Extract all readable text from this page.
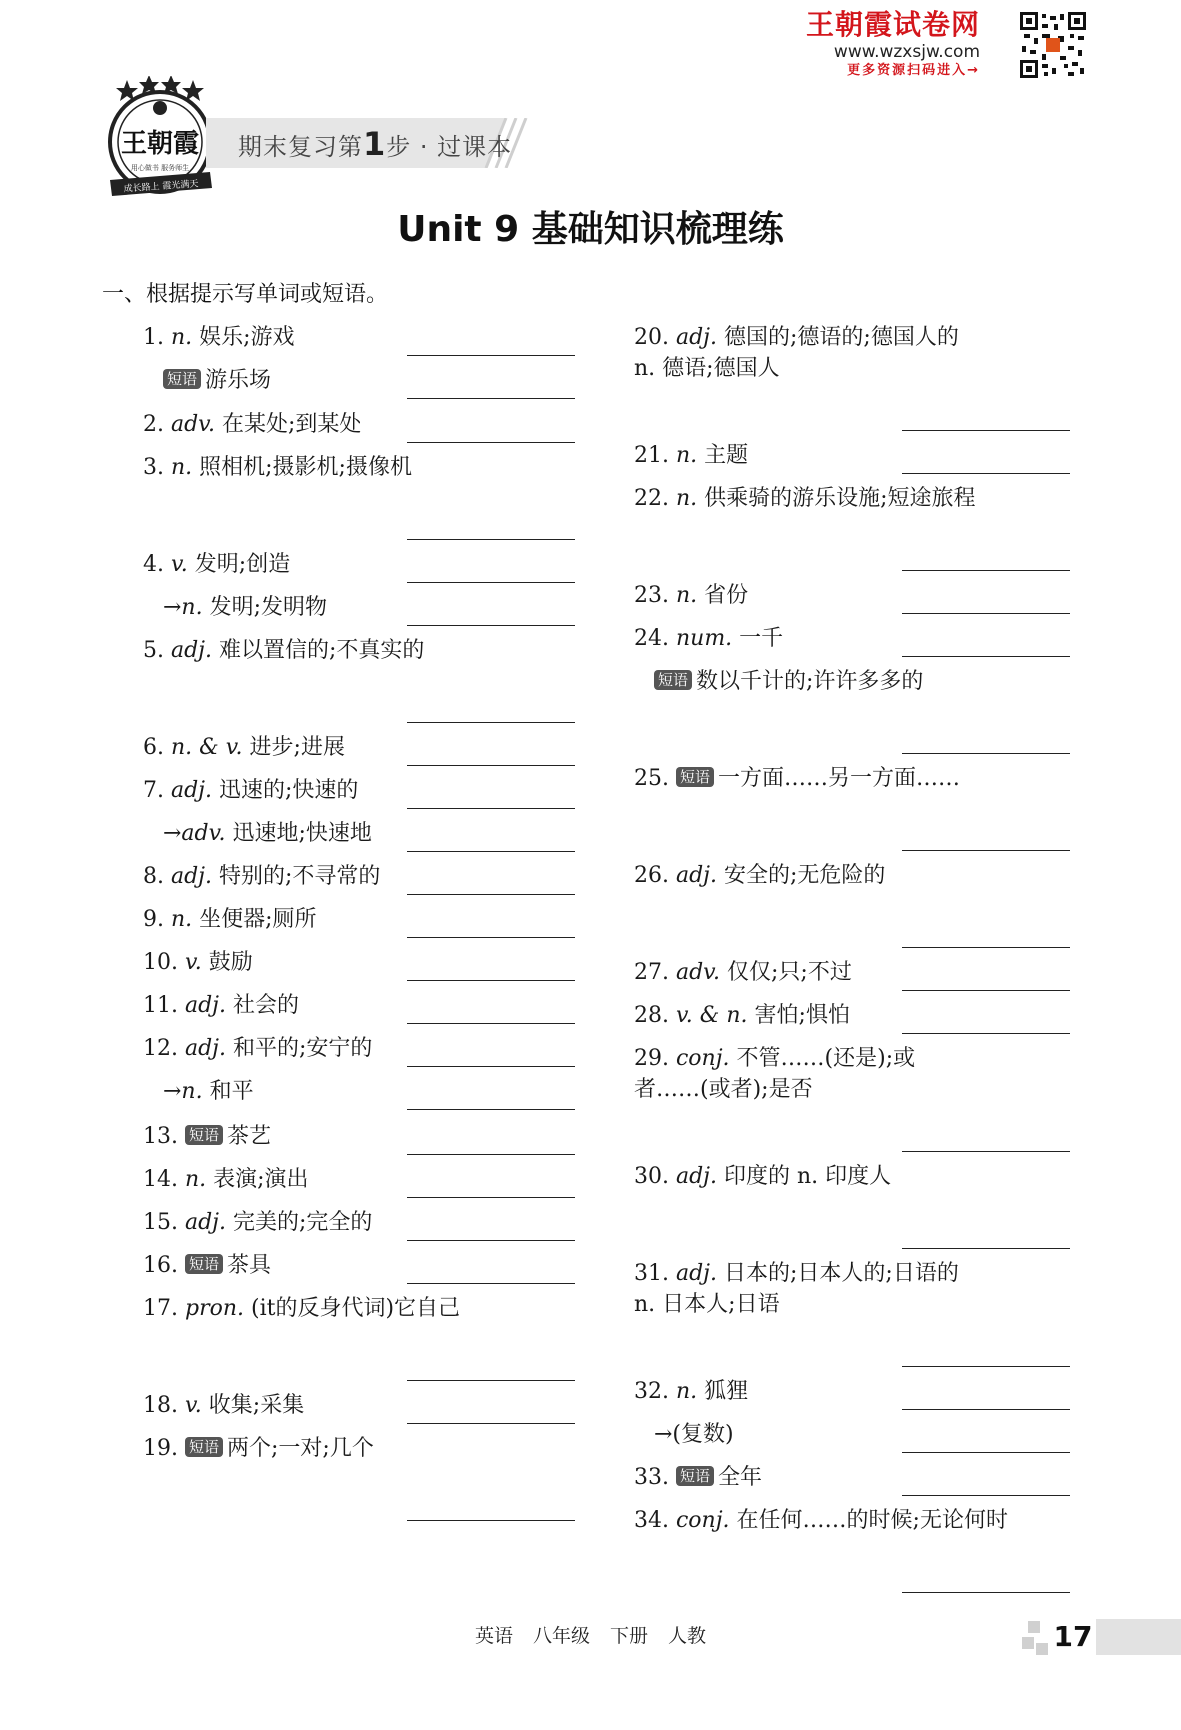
王朝霞
用心做书 服务师生
成长路上 霞光满天
期末复习第1步 · 过课本
王朝霞试卷网
www.wzxsjw.com
更多资源扫码进入→
Unit 9 基础知识梳理练
一、根据提示写单词或短语。
1. n. 娱乐;游戏
短语 游乐场
2. adv. 在某处;到某处
3. n. 照相机;摄影机;摄像机
4. v. 发明;创造
→n. 发明;发明物
5. adj. 难以置信的;不真实的
6. n. & v. 进步;进展
7. adj. 迅速的;快速的
→adv. 迅速地;快速地
8. adj. 特别的;不寻常的
9. n. 坐便器;厕所
10. v. 鼓励
11. adj. 社会的
12. adj. 和平的;安宁的
→n. 和平
13. 短语 茶艺
14. n. 表演;演出
15. adj. 完美的;完全的
16. 短语 茶具
17. pron. (it的反身代词)它自己
18. v. 收集;采集
19. 短语 两个;一对;几个
20. adj. 德国的;德语的;德国人的 n. 德语;德国人
21. n. 主题
22. n. 供乘骑的游乐设施;短途旅程
23. n. 省份
24. num. 一千
短语 数以千计的;许许多多的
25. 短语 一方面……另一方面……
26. adj. 安全的;无危险的
27. adv. 仅仅;只;不过
28. v. & n. 害怕;惧怕
29. conj. 不管……(还是);或者……(或者);是否
30. adj. 印度的 n. 印度人
31. adj. 日本的;日本人的;日语的 n. 日本人;日语
32. n. 狐狸
→(复数)
33. 短语 全年
34. conj. 在任何……的时候;无论何时
英语 八年级 下册 人教	17
